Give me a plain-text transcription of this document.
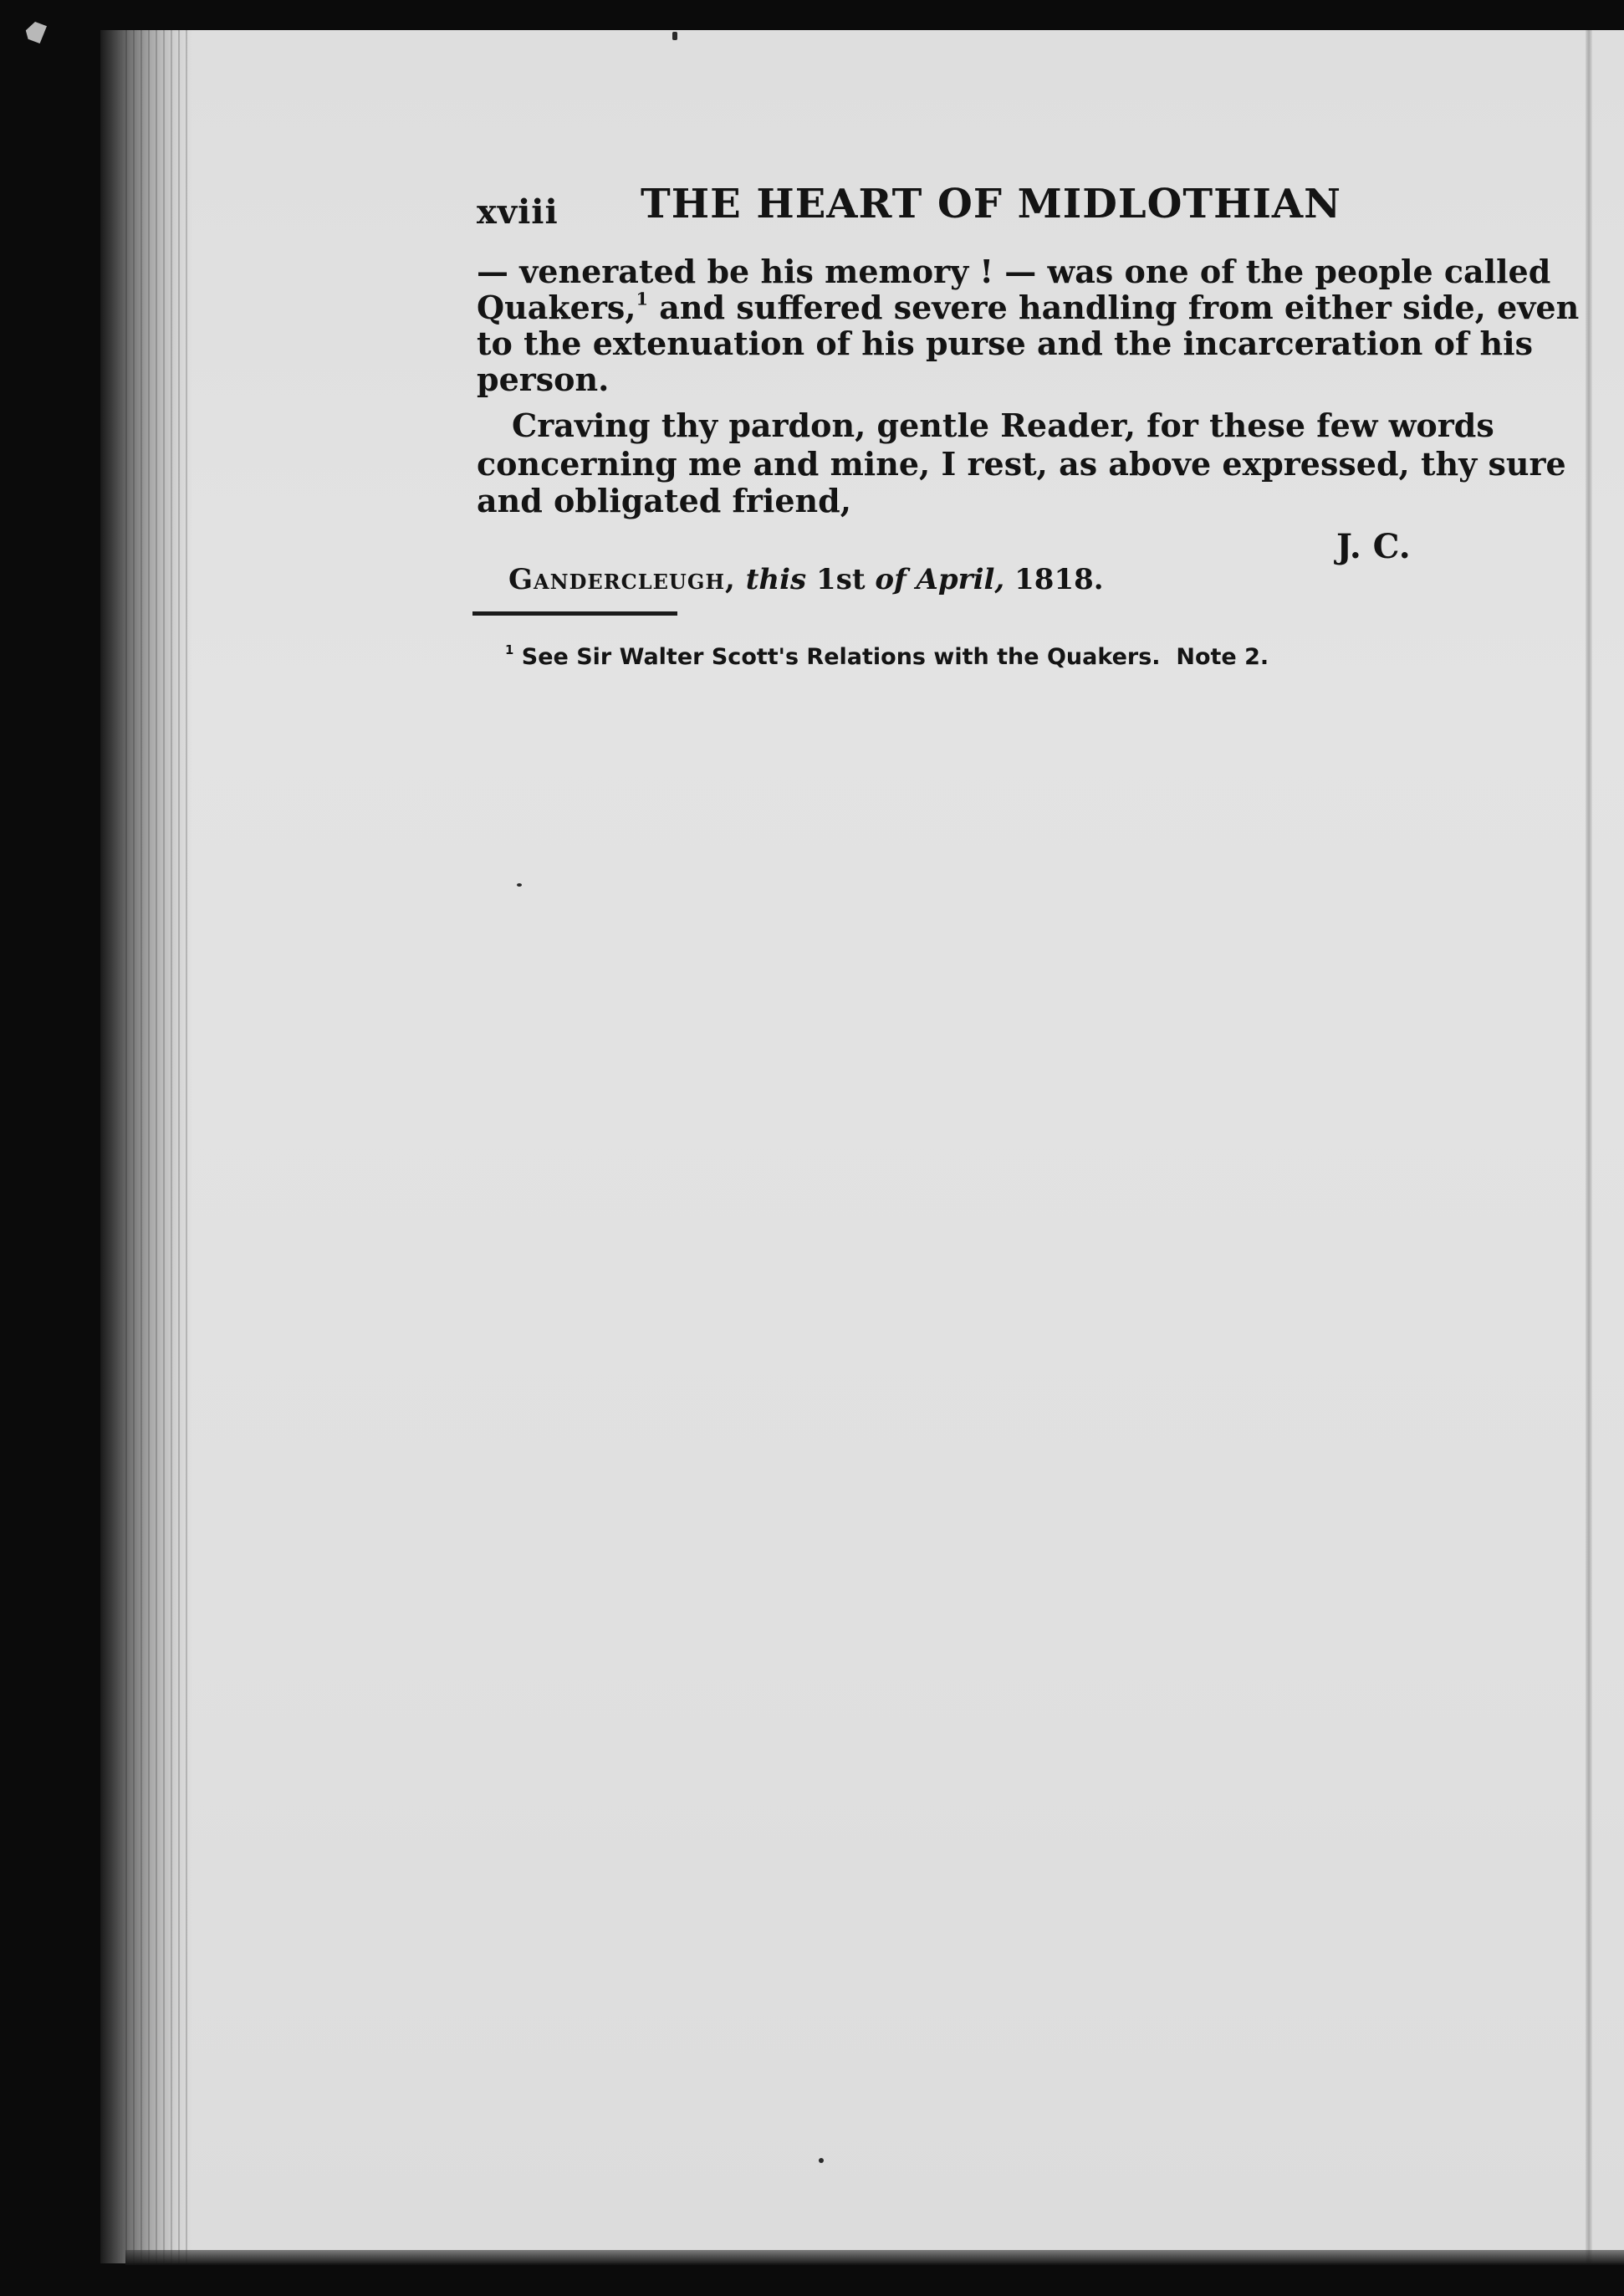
xviii THE HEART OF MIDLOTHIAN
— venerated be his memory ! — was one of the people called
Quakers,$^1$ and suffered severe handling from either side, even
to the extenuation of his purse and the incarceration of his
person.
Craving thy pardon, gentle Reader, for these few words
concerning me and mine, I rest, as above expressed, thy sure
and obligated friend,
J. C.
Gandercleugh, this 1st of April, 1818.
$^1$ See Sir Walter Scott's Relations with the Quakers. Note 2.
